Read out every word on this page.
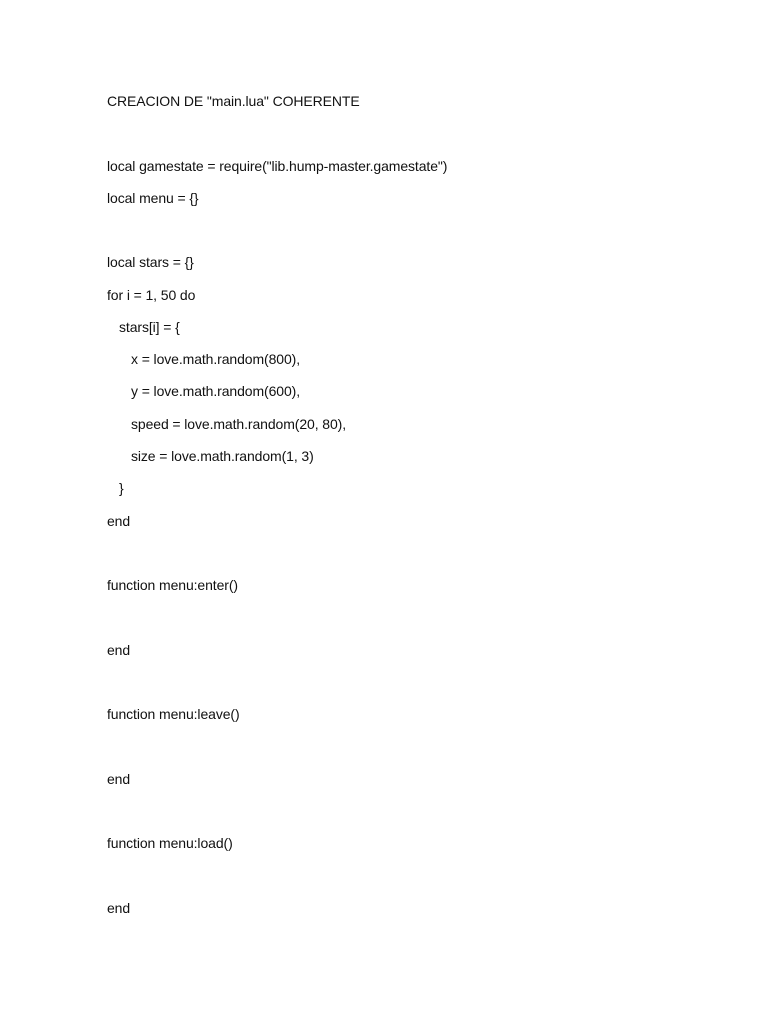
CREACION DE "main.lua" COHERENTE
local gamestate = require("lib.hump-master.gamestate")
local menu = {}
local stars = {}
for i = 1, 50 do
stars[i] = {
x = love.math.random(800),
y = love.math.random(600),
speed = love.math.random(20, 80),
size = love.math.random(1, 3)
}
end
function menu:enter()
end
function menu:leave()
end
function menu:load()
end
